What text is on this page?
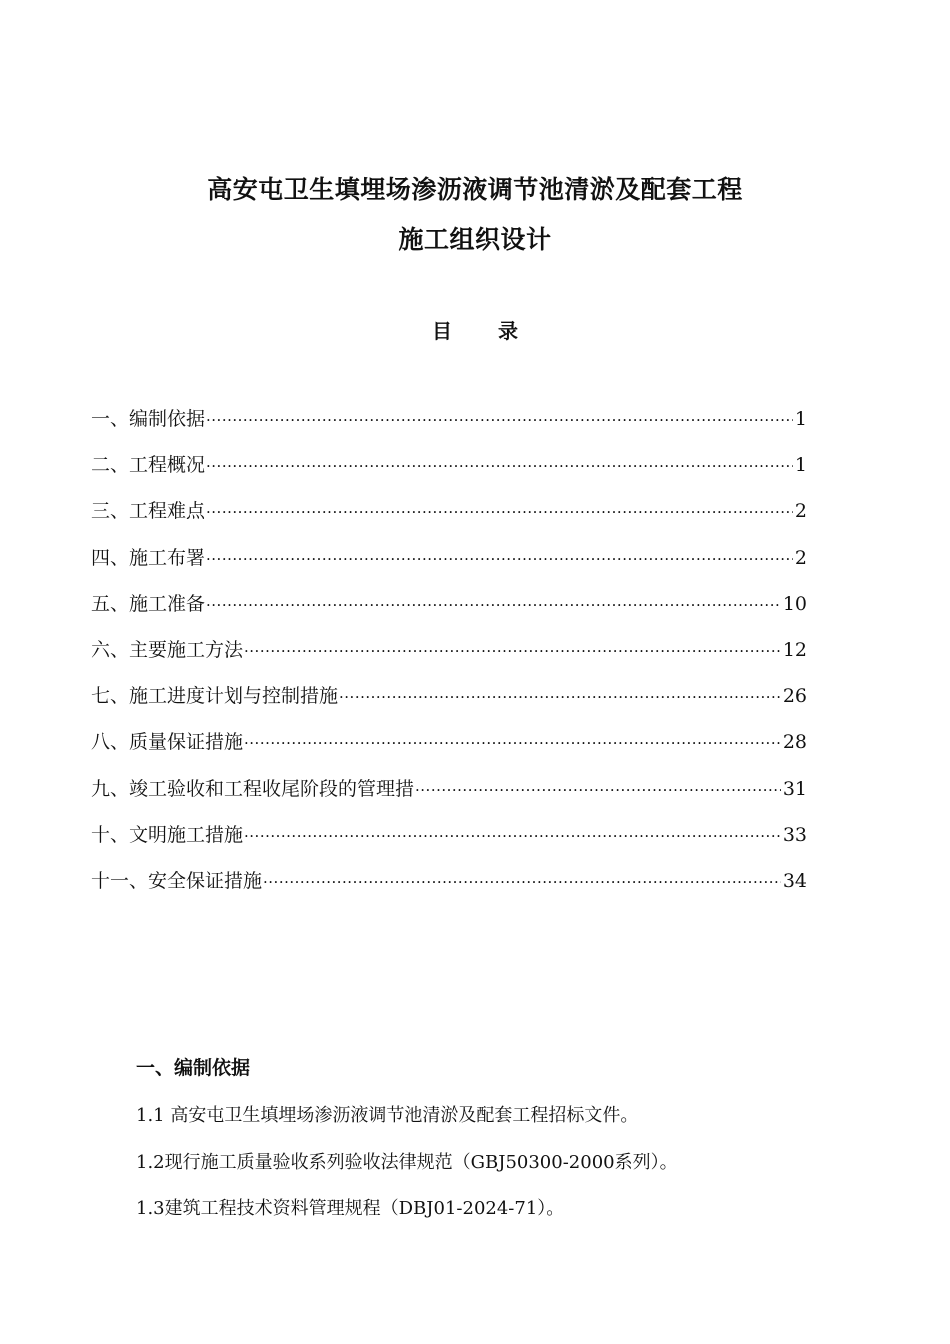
高安屯卫生填埋场渗沥液调节池清淤及配套工程
施工组织设计
目录
一、编制依据 ·····	1
二、工程概况 ·····	1
三、工程难点 ·····	2
四、施工布署 ·····	2
五、施工准备 ·····	10
六、主要施工方法 ·····	12
七、施工进度计划与控制措施 ·····	26
八、质量保证措施 ·····	28
九、竣工验收和工程收尾阶段的管理措 ·····	31
十、文明施工措施 ·····	33
十一、安全保证措施 ·····	34
一、编制依据
1.1 高安屯卫生填埋场渗沥液调节池清淤及配套工程招标文件。
1.2现行施工质量验收系列验收法律规范（GBJ50300-2000系列）。
1.3建筑工程技术资料管理规程（DBJ01-2024-71）。
